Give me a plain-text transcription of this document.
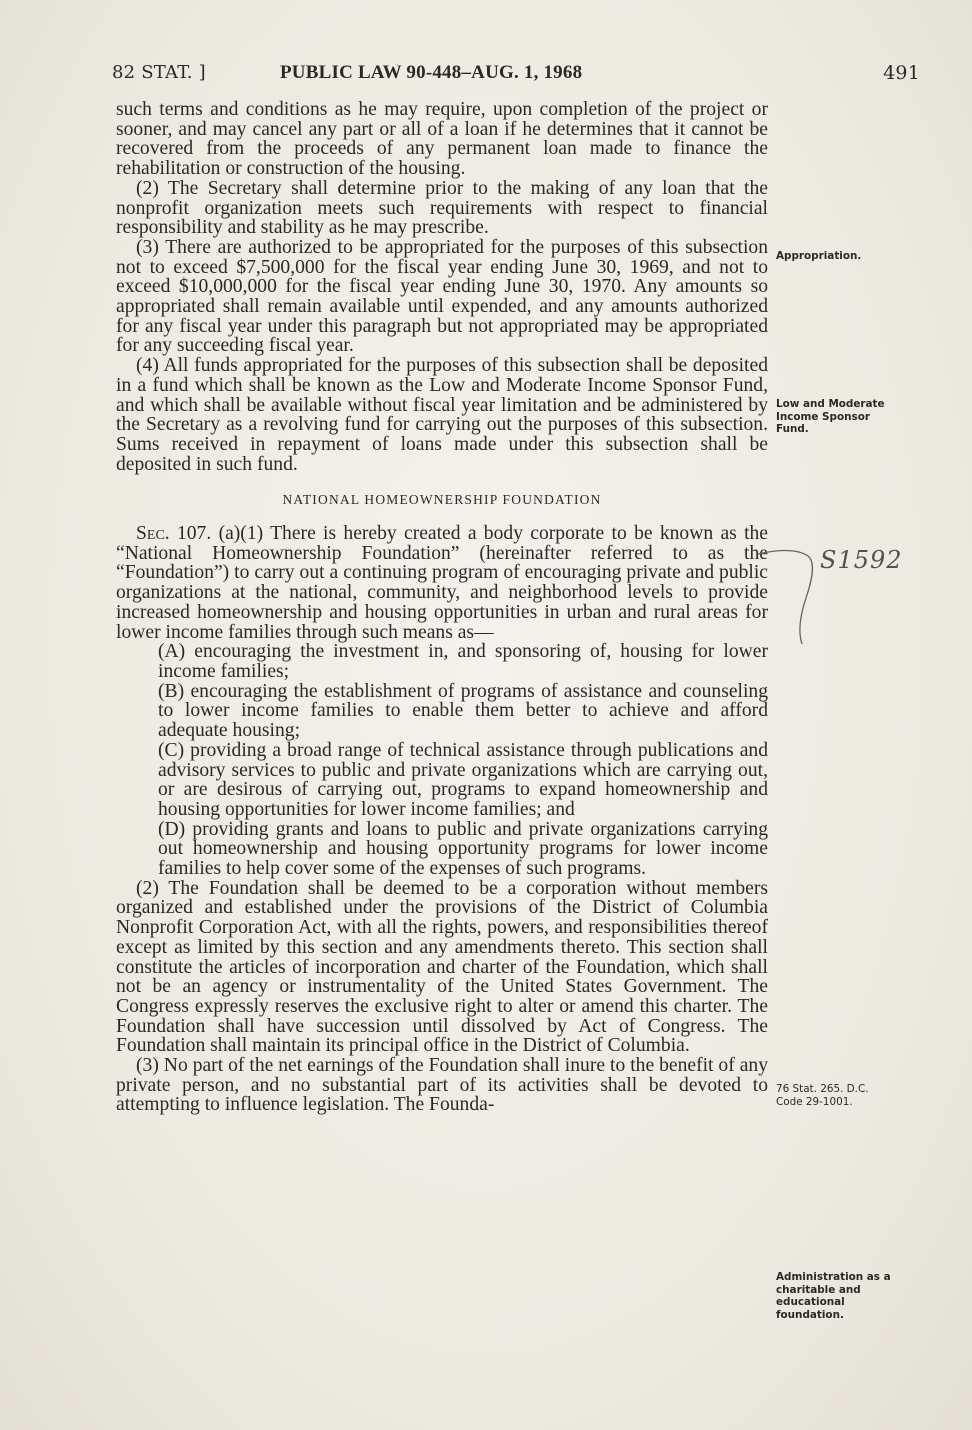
82 STAT. ]	PUBLIC LAW 90-448–AUG. 1, 1968	491

such terms and conditions as he may require, upon completion of the project or sooner, and may cancel any part or all of a loan if he determines that it cannot be recovered from the proceeds of any permanent loan made to finance the rehabilitation or construction of the housing.

(2) The Secretary shall determine prior to the making of any loan that the nonprofit organization meets such requirements with respect to financial responsibility and stability as he may prescribe.

(3) There are authorized to be appropriated for the purposes of this subsection not to exceed $7,500,000 for the fiscal year ending June 30, 1969, and not to exceed $10,000,000 for the fiscal year ending June 30, 1970. Any amounts so appropriated shall remain available until expended, and any amounts authorized for any fiscal year under this paragraph but not appropriated may be appropriated for any succeeding fiscal year.

(4) All funds appropriated for the purposes of this subsection shall be deposited in a fund which shall be known as the Low and Moderate Income Sponsor Fund, and which shall be available without fiscal year limitation and be administered by the Secretary as a revolving fund for carrying out the purposes of this subsection. Sums received in repayment of loans made under this subsection shall be deposited in such fund.

NATIONAL HOMEOWNERSHIP FOUNDATION

Sec. 107. (a)(1) There is hereby created a body corporate to be known as the “National Homeownership Foundation” (hereinafter referred to as the “Foundation”) to carry out a continuing program of encouraging private and public organizations at the national, community, and neighborhood levels to provide increased homeownership and housing opportunities in urban and rural areas for lower income families through such means as—

(A) encouraging the investment in, and sponsoring of, housing for lower income families;

(B) encouraging the establishment of programs of assistance and counseling to lower income families to enable them better to achieve and afford adequate housing;

(C) providing a broad range of technical assistance through publications and advisory services to public and private organizations which are carrying out, or are desirous of carrying out, programs to expand homeownership and housing opportunities for lower income families; and

(D) providing grants and loans to public and private organizations carrying out homeownership and housing opportunity programs for lower income families to help cover some of the expenses of such programs.

(2) The Foundation shall be deemed to be a corporation without members organized and established under the provisions of the District of Columbia Nonprofit Corporation Act, with all the rights, powers, and responsibilities thereof except as limited by this section and any amendments thereto. This section shall constitute the articles of incorporation and charter of the Foundation, which shall not be an agency or instrumentality of the United States Government. The Congress expressly reserves the exclusive right to alter or amend this charter. The Foundation shall have succession until dissolved by Act of Congress. The Foundation shall maintain its principal office in the District of Columbia.

(3) No part of the net earnings of the Foundation shall inure to the benefit of any private person, and no substantial part of its activities shall be devoted to attempting to influence legislation. The Founda-

Appropriation.
Low and Moderate Income Sponsor Fund.
76 Stat. 265. D.C. Code 29-1001.
Administration as a charitable and educational foundation.
S1592
